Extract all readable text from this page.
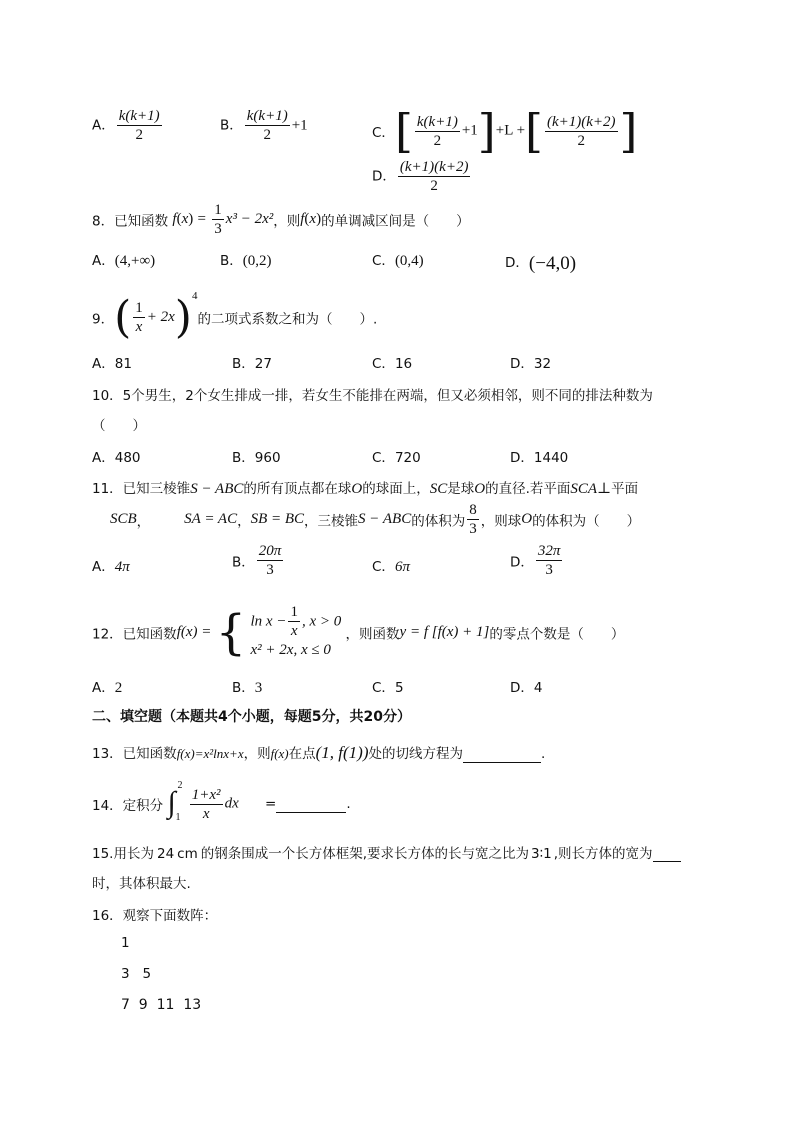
A． $\frac{k(k+1)}{2}$	B． $\frac{k(k+1)}{2} +1$	C．[ $\frac{k(k+1)}{2} +1]+L$ +[ $\frac{(k+1)(k+2)}{2}$ ]
D． $\frac{(k+1)(k+2)}{2}$
8．已知函数 $f(x) = \frac{1}{3} x^3 - 2x^2$，则f(x)的单调减区间是（　　）
A．(4,+∞)	B．(0,2)	C．(0,4)	D．(−4,0)
9．( $\frac{1}{x} + 2x)^4$的二项式系数之和为（　　）.
A．81	B．27	C．16	D．32
10．5个男生，2个女生排成一排，若女生不能排在两端，但又必须相邻，则不同的排法种数为
（　　）
A．480	B．960	C．720	D．1440
11．已知三棱锥S − ABC的所有顶点都在球O的球面上，SC是球O的直径.若平面SCA⊥平面
SCB， SA = AC，SB = BC，三棱锥S − ABC的体积为 $\frac{8}{3}$ ，则球O的体积为（　　）
A．4π	B． $\frac{20\pi}{3}$	C．6π	D． $\frac{32\pi}{3}$
12．已知函数f(x) = { $\ln x - \frac{1}{x}$ , x > 0
x² + 2x, x ≤ 0
，则函数y = f [f(x) + 1]的零点个数是（　　）
A．2	B．3	C．5	D．4
二、填空题（本题共4个小题，每题5分，共20分）
13．已知函数f(x)=x²lnx+x，则f(x)在点(1, f(1))处的切线方程为	.
14．定积分 ∫
2
1
$\frac{\text{1+x²}}{x}$ dx =	.
15.用长为 24 cm 的钢条围成一个长方体框架,要求长方体的长与宽之比为 3∶1 ,则长方体的宽为
时，其体积最大.
16．观察下面数阵：
1
3   5
7  9  11  13
